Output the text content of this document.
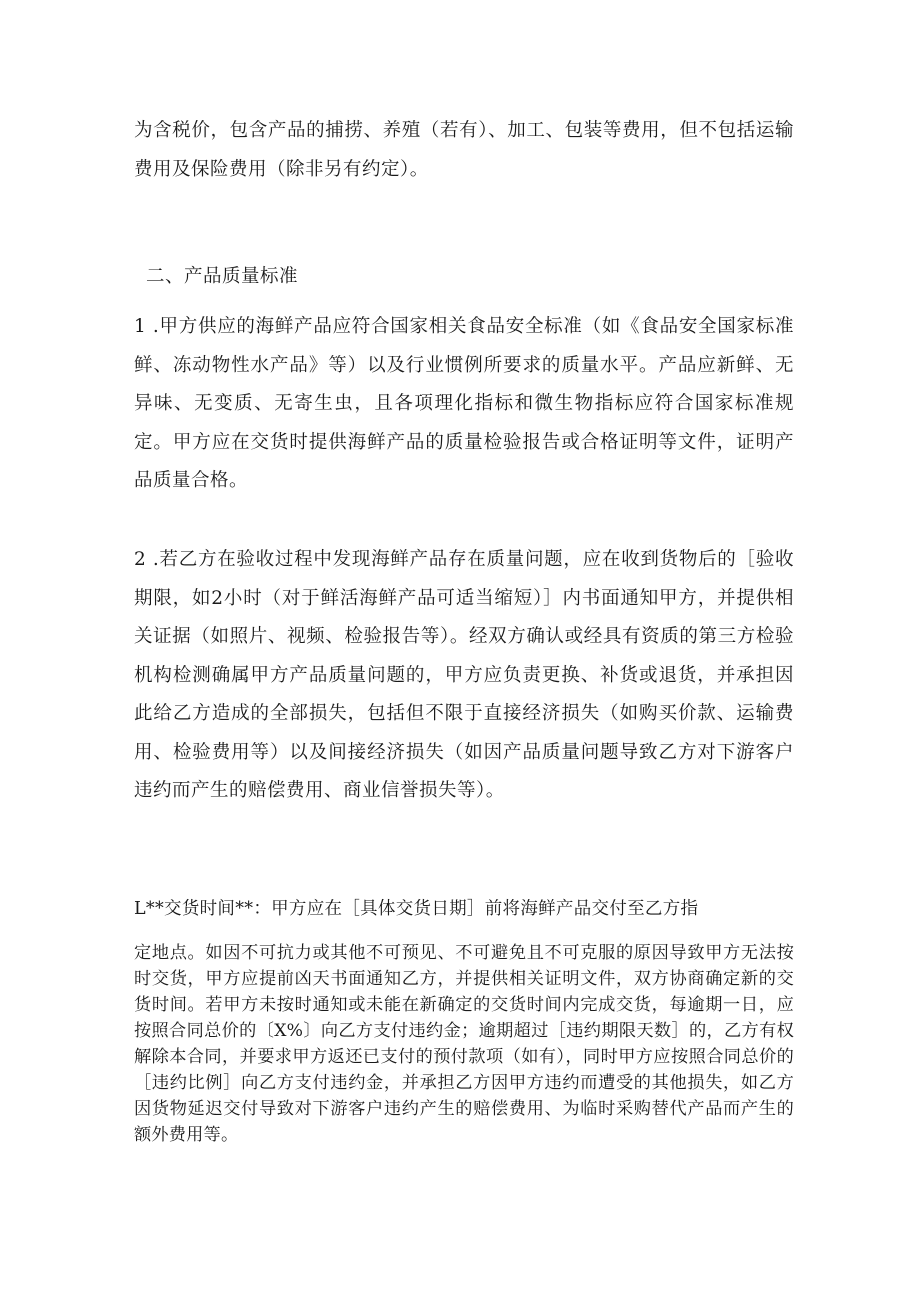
为含税价，包含产品的捕捞、养殖（若有）、加工、包装等费用，但不包括运输费用及保险费用（除非另有约定）。

二、产品质量标准

1 .甲方供应的海鲜产品应符合国家相关食品安全标准（如《食品安全国家标准鲜、冻动物性水产品》等）以及行业惯例所要求的质量水平。产品应新鲜、无异味、无变质、无寄生虫，且各项理化指标和微生物指标应符合国家标准规定。甲方应在交货时提供海鲜产品的质量检验报告或合格证明等文件，证明产品质量合格。

2 .若乙方在验收过程中发现海鲜产品存在质量问题，应在收到货物后的［验收期限，如2小时（对于鲜活海鲜产品可适当缩短）］内书面通知甲方，并提供相关证据（如照片、视频、检验报告等）。经双方确认或经具有资质的第三方检验机构检测确属甲方产品质量问题的，甲方应负责更换、补货或退货，并承担因此给乙方造成的全部损失，包括但不限于直接经济损失（如购买价款、运输费用、检验费用等）以及间接经济损失（如因产品质量问题导致乙方对下游客户违约而产生的赔偿费用、商业信誉损失等）。

L**交货时间**：甲方应在［具体交货日期］前将海鲜产品交付至乙方指

定地点。如因不可抗力或其他不可预见、不可避免且不可克服的原因导致甲方无法按时交货，甲方应提前凶天书面通知乙方，并提供相关证明文件，双方协商确定新的交货时间。若甲方未按时通知或未能在新确定的交货时间内完成交货，每逾期一日，应按照合同总价的〔X%〕向乙方支付违约金；逾期超过［违约期限天数］的，乙方有权解除本合同，并要求甲方返还已支付的预付款项（如有），同时甲方应按照合同总价的［违约比例］向乙方支付违约金，并承担乙方因甲方违约而遭受的其他损失，如乙方因货物延迟交付导致对下游客户违约产生的赔偿费用、为临时采购替代产品而产生的额外费用等。
